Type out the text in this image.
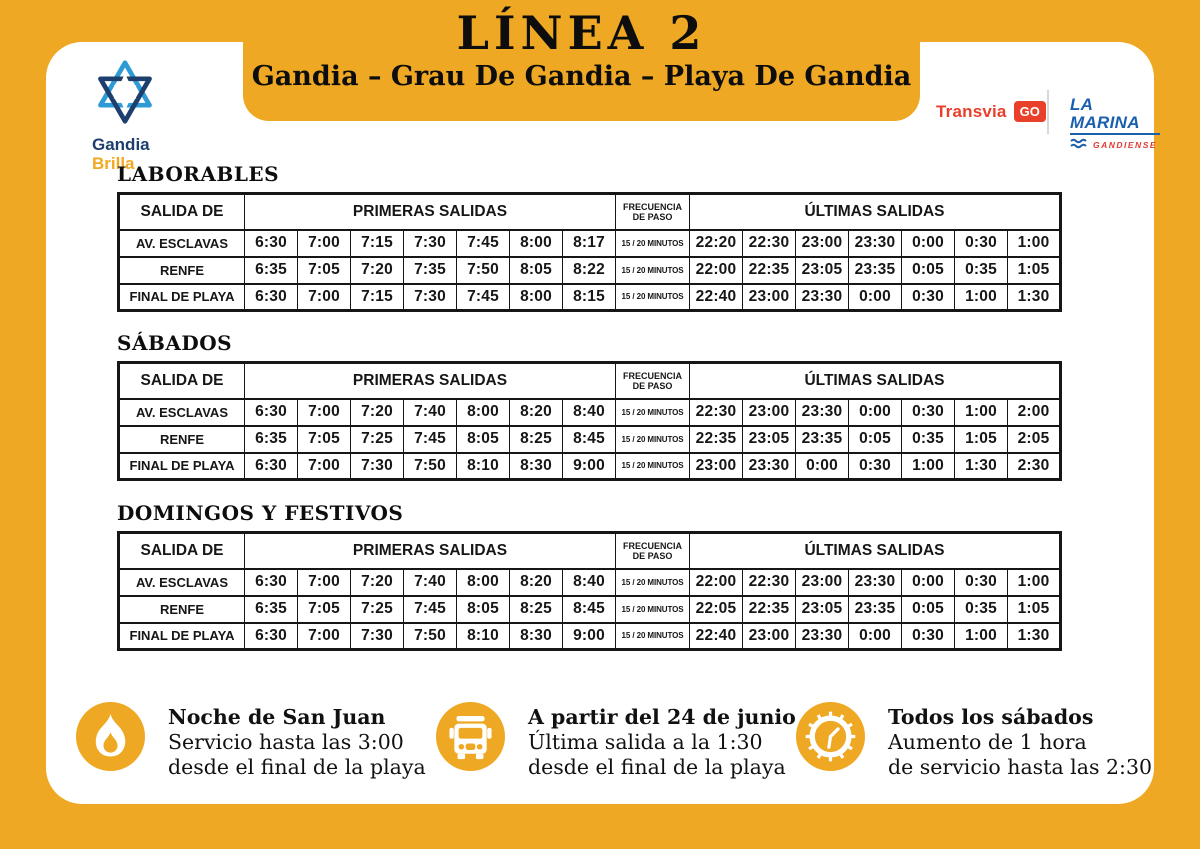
LÍNEA 2
Gandia – Grau De Gandia – Playa De Gandia
Gandia
Brilla
Transvia	GO	LA MARINA
GANDIENSE
LABORABLES
SALIDA DE	PRIMERAS SALIDAS							FRECUENCIA DE PASO	ÚLTIMAS SALIDAS						
AV. ESCLAVAS	6:30	7:00	7:15	7:30	7:45	8:00	8:17	15 / 20 MINUTOS	22:20	22:30	23:00	23:30	0:00	0:30	1:00
RENFE	6:35	7:05	7:20	7:35	7:50	8:05	8:22	15 / 20 MINUTOS	22:00	22:35	23:05	23:35	0:05	0:35	1:05
FINAL DE PLAYA	6:30	7:00	7:15	7:30	7:45	8:00	8:15	15 / 20 MINUTOS	22:40	23:00	23:30	0:00	0:30	1:00	1:30
SÁBADOS
SALIDA DE	PRIMERAS SALIDAS							FRECUENCIA DE PASO	ÚLTIMAS SALIDAS						
AV. ESCLAVAS	6:30	7:00	7:20	7:40	8:00	8:20	8:40	15 / 20 MINUTOS	22:30	23:00	23:30	0:00	0:30	1:00	2:00
RENFE	6:35	7:05	7:25	7:45	8:05	8:25	8:45	15 / 20 MINUTOS	22:35	23:05	23:35	0:05	0:35	1:05	2:05
FINAL DE PLAYA	6:30	7:00	7:30	7:50	8:10	8:30	9:00	15 / 20 MINUTOS	23:00	23:30	0:00	0:30	1:00	1:30	2:30
DOMINGOS Y FESTIVOS
SALIDA DE	PRIMERAS SALIDAS							FRECUENCIA DE PASO	ÚLTIMAS SALIDAS						
AV. ESCLAVAS	6:30	7:00	7:20	7:40	8:00	8:20	8:40	15 / 20 MINUTOS	22:00	22:30	23:00	23:30	0:00	0:30	1:00
RENFE	6:35	7:05	7:25	7:45	8:05	8:25	8:45	15 / 20 MINUTOS	22:05	22:35	23:05	23:35	0:05	0:35	1:05
FINAL DE PLAYA	6:30	7:00	7:30	7:50	8:10	8:30	9:00	15 / 20 MINUTOS	22:40	23:00	23:30	0:00	0:30	1:00	1:30
Noche de San Juan
Servicio hasta las 3:00
desde el final de la playa
A partir del 24 de junio
Última salida a la 1:30
desde el final de la playa
Todos los sábados
Aumento de 1 hora
de servicio hasta las 2:30
